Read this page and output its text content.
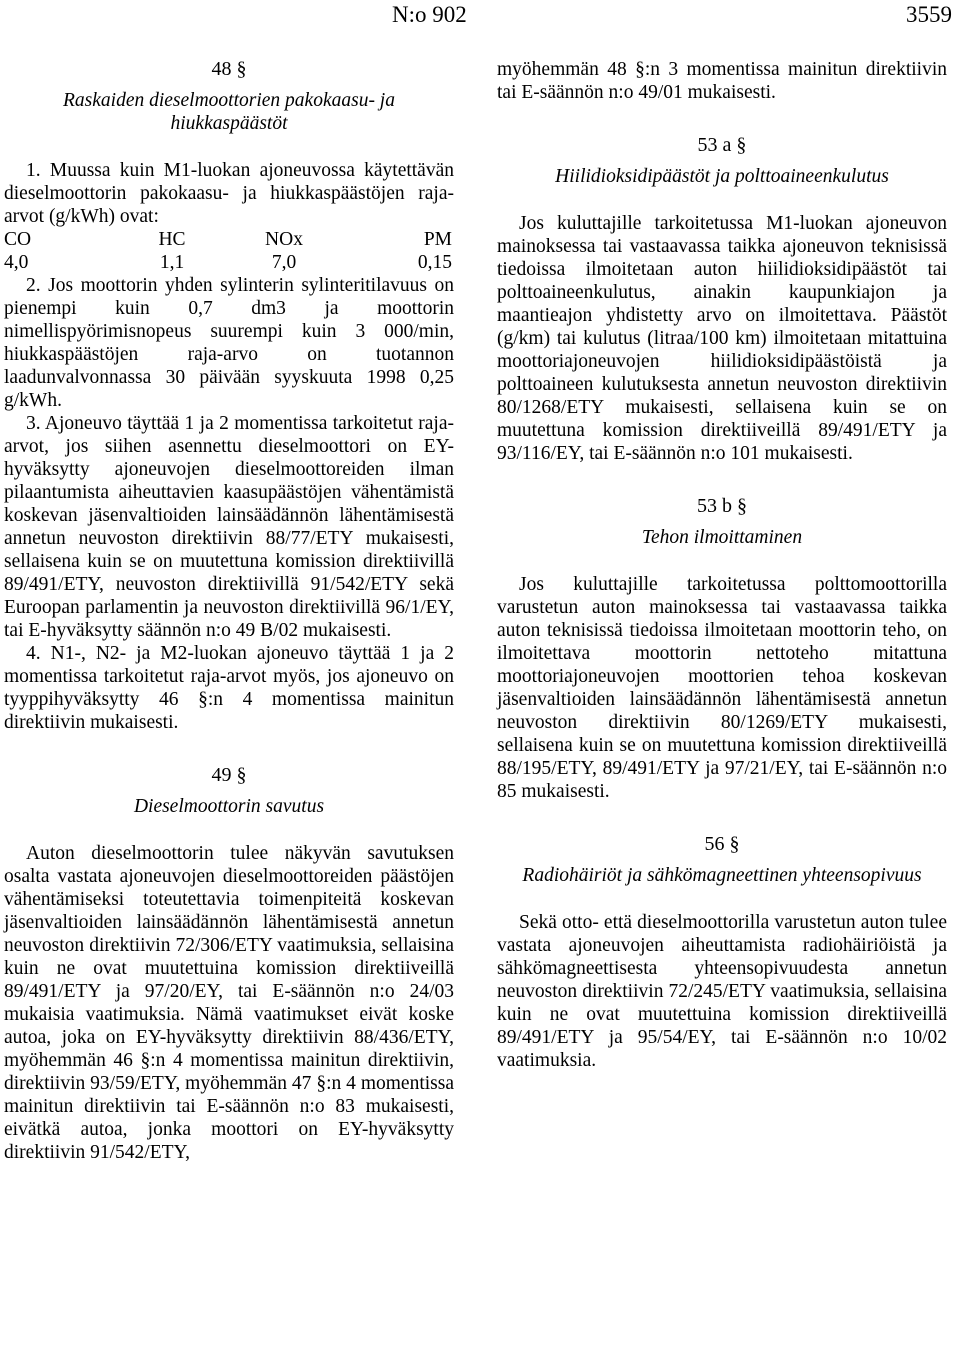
N:o 902	3559
48 §
Raskaiden dieselmoottorien pakokaasu- ja hiukkaspäästöt

1. Muussa kuin M1-luokan ajoneuvossa käytettävän dieselmoottorin pakokaasu- ja hiukkaspäästöjen raja-arvot (g/kWh) ovat:

CO	HC	NOx	PM
4,0	1,1	7,0	0,15

2. Jos moottorin yhden sylinterin sylinteritilavuus on pienempi kuin 0,7 dm3 ja moottorin nimellispyörimisnopeus suurempi kuin 3 000/min, hiukkaspäästöjen raja-arvo on tuotannon laadunvalvonnassa 30 päivään syyskuuta 1998 0,25 g/kWh.

3. Ajoneuvo täyttää 1 ja 2 momentissa tarkoitetut raja-arvot, jos siihen asennettu dieselmoottori on EY-hyväksytty ajoneuvojen dieselmoottoreiden ilman pilaantumista aiheuttavien kaasupäästöjen vähentämistä koskevan jäsenvaltioiden lainsäädännön lähentämisestä annetun neuvoston direktiivin 88/77/ETY mukaisesti, sellaisena kuin se on muutettuna komission direktiivillä 89/491/ETY, neuvoston direktiivillä 91/542/ETY sekä Euroopan parlamentin ja neuvoston direktiivillä 96/1/EY, tai E-hyväksytty säännön n:o 49 B/02 mukaisesti.

4. N1-, N2- ja M2-luokan ajoneuvo täyttää 1 ja 2 momentissa tarkoitetut raja-arvot myös, jos ajoneuvo on tyyppihyväksytty 46 §:n 4 momentissa mainitun direktiivin mukaisesti.

49 §
Dieselmoottorin savutus

Auton dieselmoottorin tulee näkyvän savutuksen osalta vastata ajoneuvojen dieselmoottoreiden päästöjen vähentämiseksi toteutettavia toimenpiteitä koskevan jäsenvaltioiden lainsäädännön lähentämisestä annetun neuvoston direktiivin 72/306/ETY vaatimuksia, sellaisina kuin ne ovat muutettuina komission direktiiveillä 89/491/ETY ja 97/20/EY, tai E-säännön n:o 24/03 mukaisia vaatimuksia. Nämä vaatimukset eivät koske autoa, joka on EY-hyväksytty direktiivin 88/436/ETY, myöhemmän 46 §:n 4 momentissa mainitun direktiivin, direktiivin 93/59/ETY, myöhemmän 47 §:n 4 momentissa mainitun direktiivin tai E-säännön n:o 83 mukaisesti, eivätkä autoa, jonka moottori on EY-hyväksytty direktiivin 91/542/ETY,

myöhemmän 48 §:n 3 momentissa mainitun direktiivin tai E-säännön n:o 49/01 mukaisesti.

53 a §
Hiilidioksidipäästöt ja polttoaineenkulutus

Jos kuluttajille tarkoitetussa M1-luokan ajoneuvon mainoksessa tai vastaavassa taikka ajoneuvon teknisissä tiedoissa ilmoitetaan auton hiilidioksidipäästöt tai polttoaineenkulutus, ainakin kaupunkiajon ja maantieajon yhdistetty arvo on ilmoitettava. Päästöt (g/km) tai kulutus (litraa/100 km) ilmoitetaan mitattuina moottoriajoneuvojen hiilidioksidipäästöistä ja polttoaineen kulutuksesta annetun neuvoston direktiivin 80/1268/ETY mukaisesti, sellaisena kuin se on muutettuna komission direktiiveillä 89/491/ETY ja 93/116/EY, tai E-säännön n:o 101 mukaisesti.

53 b §
Tehon ilmoittaminen

Jos kuluttajille tarkoitetussa polttomoottorilla varustetun auton mainoksessa tai vastaavassa taikka auton teknisissä tiedoissa ilmoitetaan moottorin teho, on ilmoitettava moottorin nettoteho mitattuna moottoriajoneuvojen moottorien tehoa koskevan jäsenvaltioiden lainsäädännön lähentämisestä annetun neuvoston direktiivin 80/1269/ETY mukaisesti, sellaisena kuin se on muutettuna komission direktiiveillä 88/195/ETY, 89/491/ETY ja 97/21/EY, tai E-säännön n:o 85 mukaisesti.

56 §
Radiohäiriöt ja sähkömagneettinen yhteensopivuus

Sekä otto- että dieselmoottorilla varustetun auton tulee vastata ajoneuvojen aiheuttamista radiohäiriöistä ja sähkömagneettisesta yhteensopivuudesta annetun neuvoston direktiivin 72/245/ETY vaatimuksia, sellaisina kuin ne ovat muutettuina komission direktiiveillä 89/491/ETY ja 95/54/EY, tai E-säännön n:o 10/02 vaatimuksia.
